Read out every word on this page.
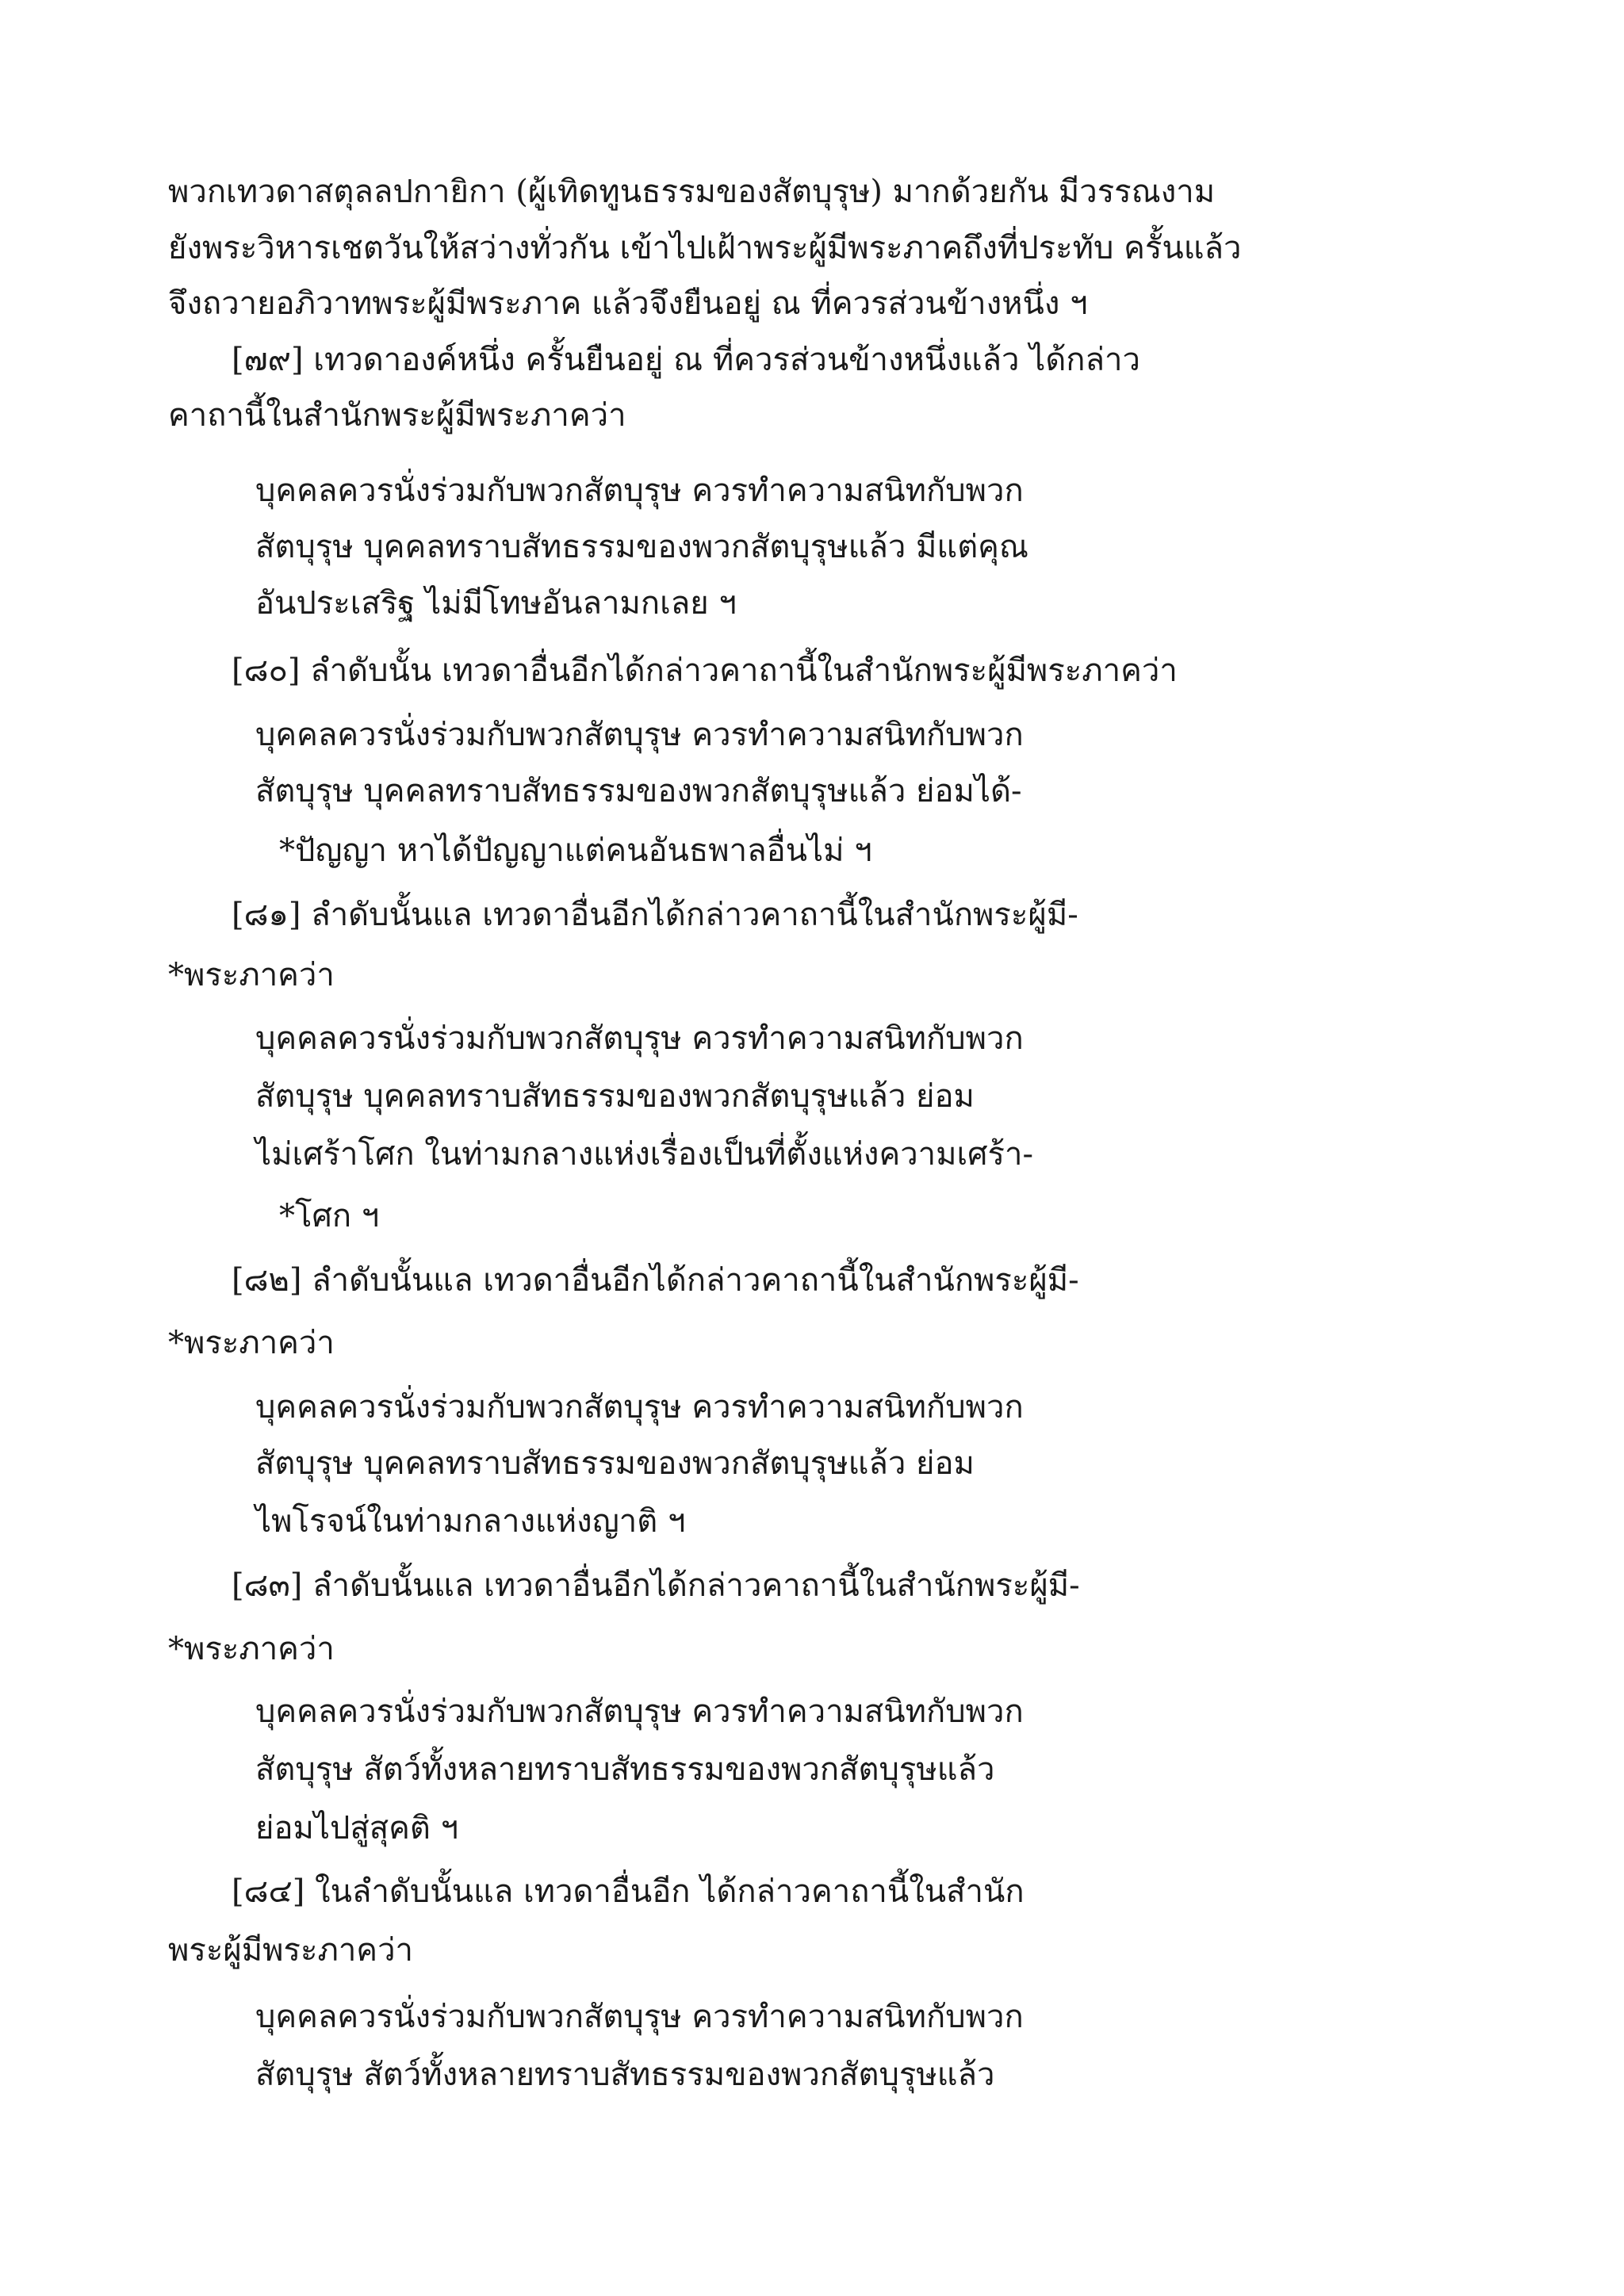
พวกเทวดาสตุลลปกายิกา (ผู้เทิดทูนธรรมของสัตบุรุษ) มากด้วยกัน มีวรรณงาม
ยังพระวิหารเชตวันให้สว่างทั่วกัน เข้าไปเฝ้าพระผู้มีพระภาคถึงที่ประทับ ครั้นแล้ว
จึงถวายอภิวาทพระผู้มีพระภาค แล้วจึงยืนอยู่ ณ ที่ควรส่วนข้างหนึ่ง ฯ
[๗๙] เทวดาองค์หนึ่ง ครั้นยืนอยู่ ณ ที่ควรส่วนข้างหนึ่งแล้ว ได้กล่าว
คาถานี้ในสำนักพระผู้มีพระภาคว่า
บุคคลควรนั่งร่วมกับพวกสัตบุรุษ ควรทำความสนิทกับพวก
สัตบุรุษ บุคคลทราบสัทธรรมของพวกสัตบุรุษแล้ว มีแต่คุณ
อันประเสริฐ ไม่มีโทษอันลามกเลย ฯ
[๘๐] ลำดับนั้น เทวดาอื่นอีกได้กล่าวคาถานี้ในสำนักพระผู้มีพระภาคว่า
บุคคลควรนั่งร่วมกับพวกสัตบุรุษ ควรทำความสนิทกับพวก
สัตบุรุษ บุคคลทราบสัทธรรมของพวกสัตบุรุษแล้ว ย่อมได้-
*ปัญญา หาได้ปัญญาแต่คนอันธพาลอื่นไม่ ฯ
[๘๑] ลำดับนั้นแล เทวดาอื่นอีกได้กล่าวคาถานี้ในสำนักพระผู้มี-
*พระภาคว่า
บุคคลควรนั่งร่วมกับพวกสัตบุรุษ ควรทำความสนิทกับพวก
สัตบุรุษ บุคคลทราบสัทธรรมของพวกสัตบุรุษแล้ว ย่อม
ไม่เศร้าโศก ในท่ามกลางแห่งเรื่องเป็นที่ตั้งแห่งความเศร้า-
*โศก ฯ
[๘๒] ลำดับนั้นแล เทวดาอื่นอีกได้กล่าวคาถานี้ในสำนักพระผู้มี-
*พระภาคว่า
บุคคลควรนั่งร่วมกับพวกสัตบุรุษ ควรทำความสนิทกับพวก
สัตบุรุษ บุคคลทราบสัทธรรมของพวกสัตบุรุษแล้ว ย่อม
ไพโรจน์ในท่ามกลางแห่งญาติ ฯ
[๘๓] ลำดับนั้นแล เทวดาอื่นอีกได้กล่าวคาถานี้ในสำนักพระผู้มี-
*พระภาคว่า
บุคคลควรนั่งร่วมกับพวกสัตบุรุษ ควรทำความสนิทกับพวก
สัตบุรุษ สัตว์ทั้งหลายทราบสัทธรรมของพวกสัตบุรุษแล้ว
ย่อมไปสู่สุคติ ฯ
[๘๔] ในลำดับนั้นแล เทวดาอื่นอีก ได้กล่าวคาถานี้ในสำนัก
พระผู้มีพระภาคว่า
บุคคลควรนั่งร่วมกับพวกสัตบุรุษ ควรทำความสนิทกับพวก
สัตบุรุษ สัตว์ทั้งหลายทราบสัทธรรมของพวกสัตบุรุษแล้ว
